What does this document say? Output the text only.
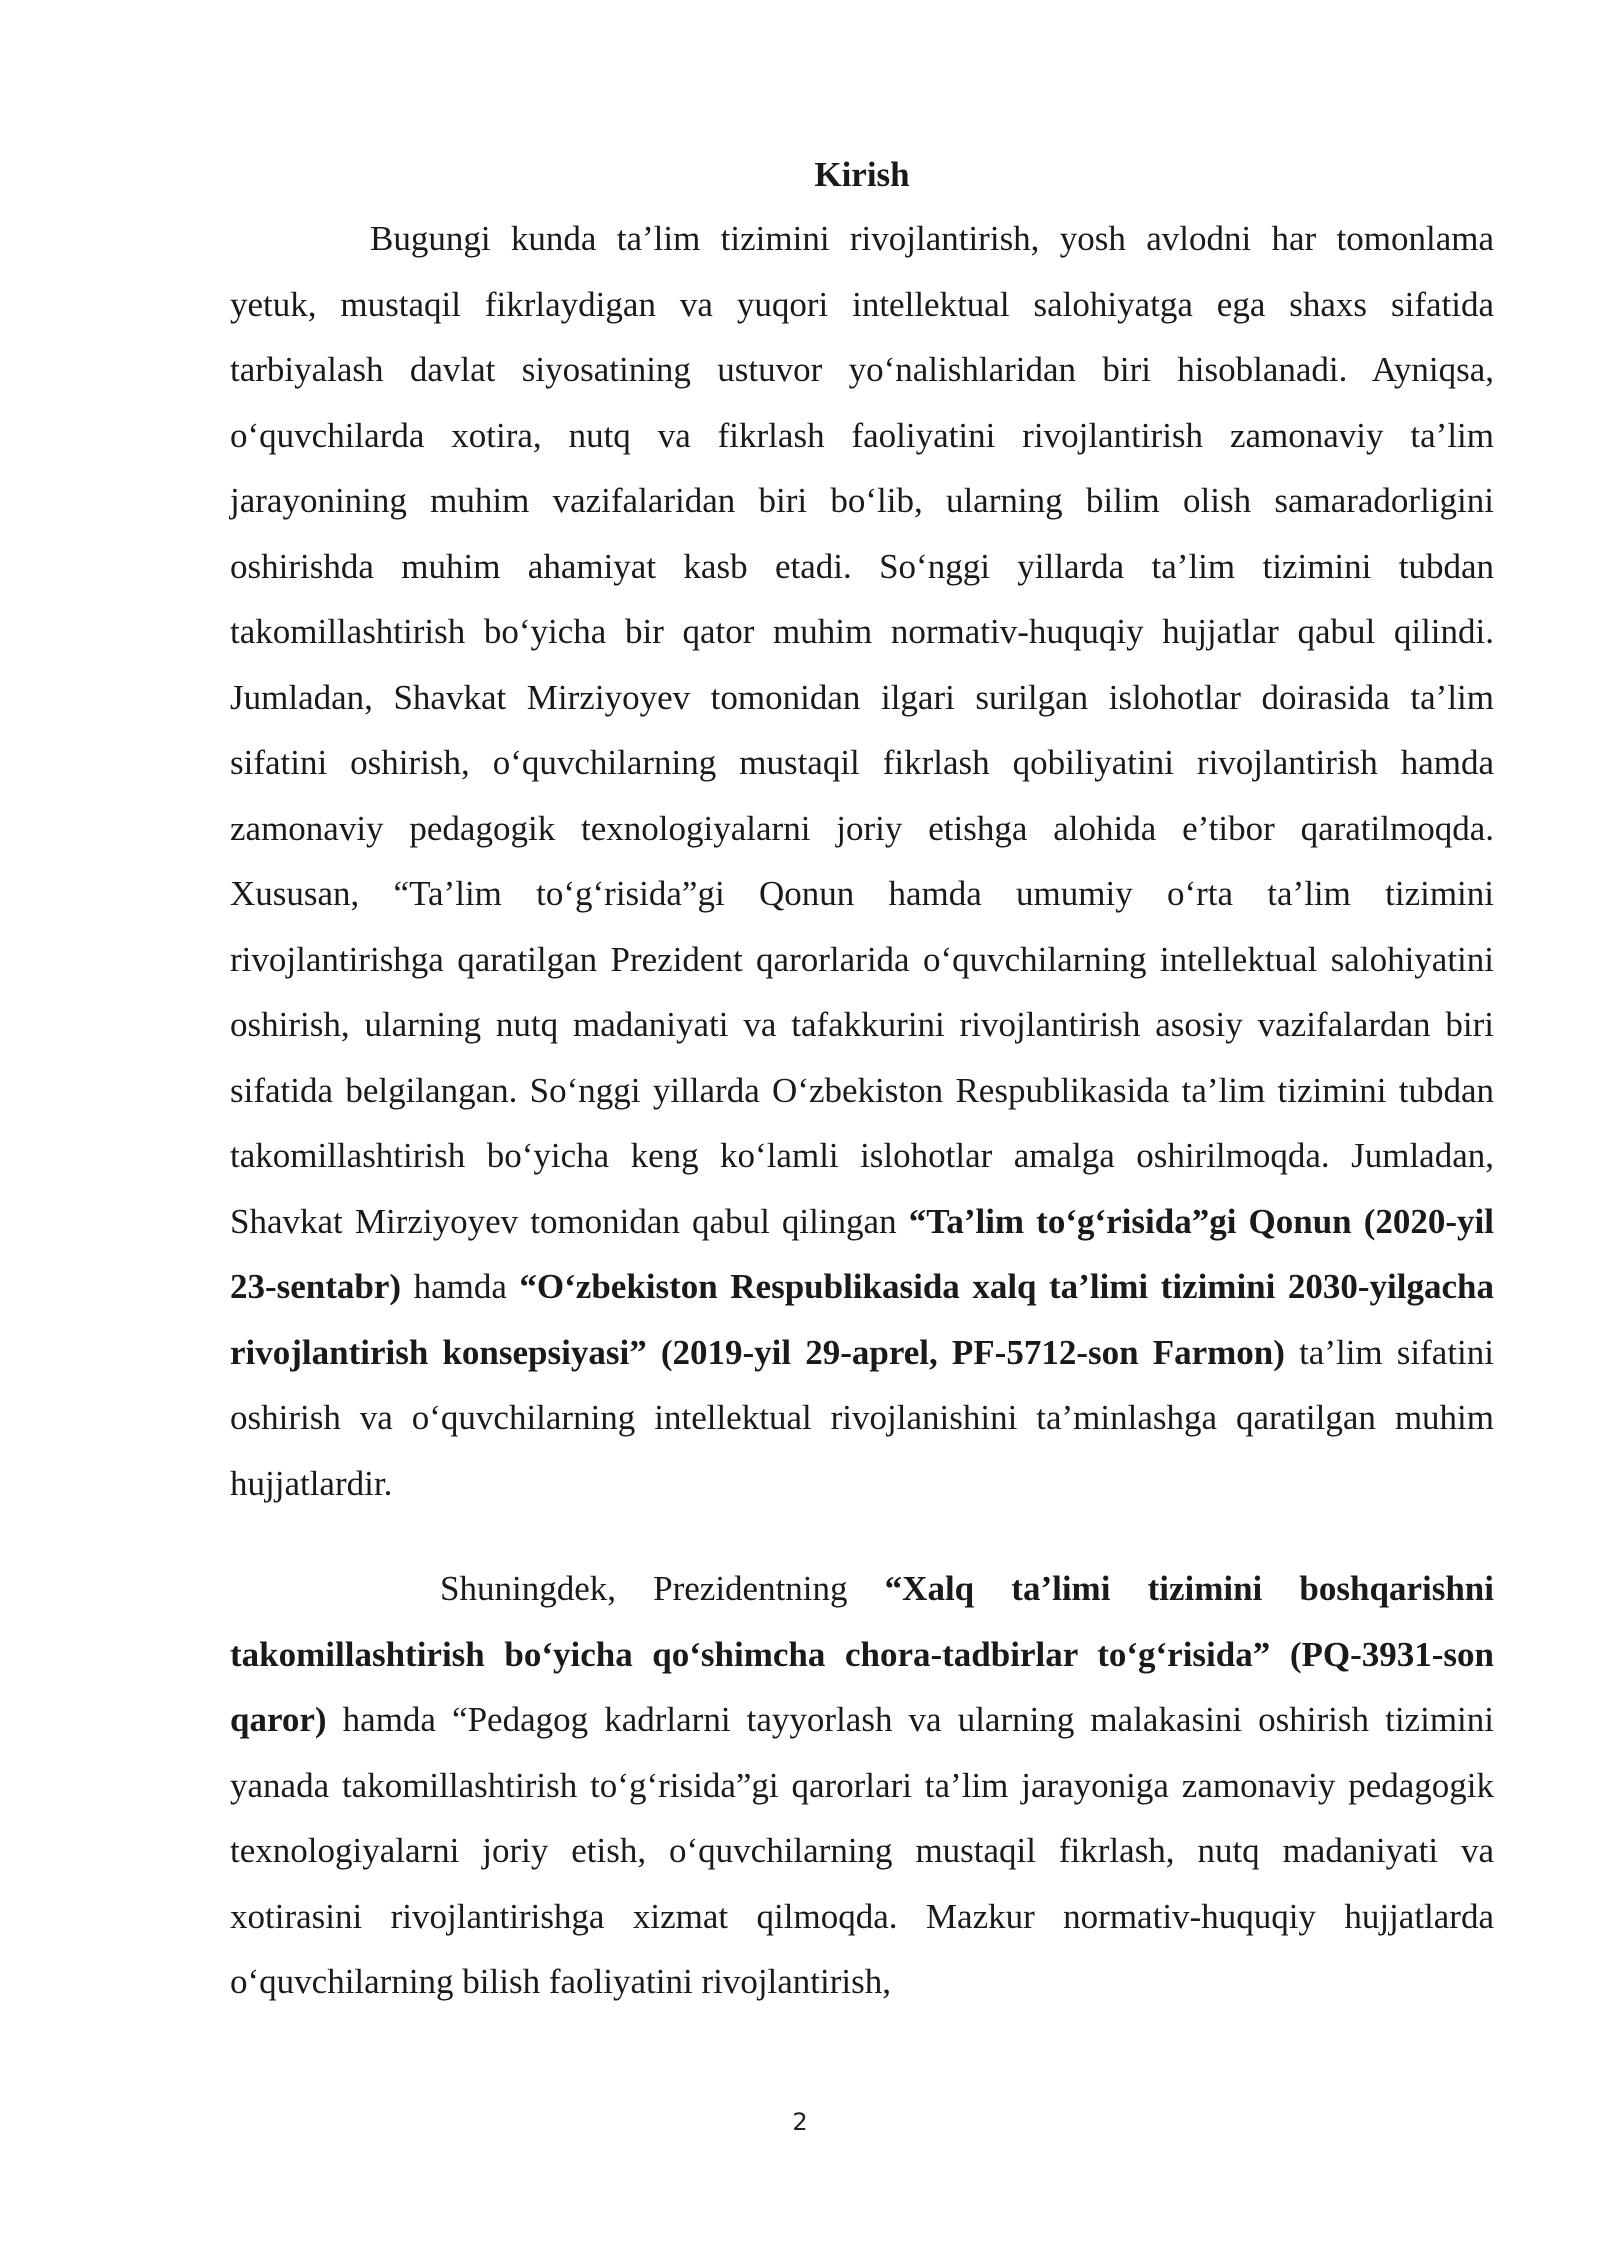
Kirish

Bugungi kunda ta’lim tizimini rivojlantirish, yosh avlodni har tomonlama yetuk, mustaqil fikrlaydigan va yuqori intellektual salohiyatga ega shaxs sifatida tarbiyalash davlat siyosatining ustuvor yo‘nalishlaridan biri hisoblanadi. Ayniqsa, o‘quvchilarda xotira, nutq va fikrlash faoliyatini rivojlantirish zamonaviy ta’lim jarayonining muhim vazifalaridan biri bo‘lib, ularning bilim olish samaradorligini oshirishda muhim ahamiyat kasb etadi. So‘nggi yillarda ta’lim tizimini tubdan takomillashtirish bo‘yicha bir qator muhim normativ-huquqiy hujjatlar qabul qilindi. Jumladan, Shavkat Mirziyoyev tomonidan ilgari surilgan islohotlar doirasida ta’lim sifatini oshirish, o‘quvchilarning mustaqil fikrlash qobiliyatini rivojlantirish hamda zamonaviy pedagogik texnologiyalarni joriy etishga alohida e’tibor qaratilmoqda. Xususan, “Ta’lim to‘g‘risida”gi Qonun hamda umumiy o‘rta ta’lim tizimini rivojlantirishga qaratilgan Prezident qarorlarida o‘quvchilarning intellektual salohiyatini oshirish, ularning nutq madaniyati va tafakkurini rivojlantirish asosiy vazifalardan biri sifatida belgilangan. So‘nggi yillarda O‘zbekiston Respublikasida ta’lim tizimini tubdan takomillashtirish bo‘yicha keng ko‘lamli islohotlar amalga oshirilmoqda. Jumladan, Shavkat Mirziyoyev tomonidan qabul qilingan “Ta’lim to‘g‘risida”gi Qonun (2020-yil 23-sentabr) hamda “O‘zbekiston Respublikasida xalq ta’limi tizimini 2030-yilgacha rivojlantirish konsepsiyasi” (2019-yil 29-aprel, PF-5712-son Farmon) ta’lim sifatini oshirish va o‘quvchilarning intellektual rivojlanishini ta’minlashga qaratilgan muhim hujjatlardir.

Shuningdek, Prezidentning “Xalq ta’limi tizimini boshqarishni takomillashtirish bo‘yicha qo‘shimcha chora-tadbirlar to‘g‘risida” (PQ-3931-son qaror) hamda “Pedagog kadrlarni tayyorlash va ularning malakasini oshirish tizimini yanada takomillashtirish to‘g‘risida”gi qarorlari ta’lim jarayoniga zamonaviy pedagogik texnologiyalarni joriy etish, o‘quvchilarning mustaqil fikrlash, nutq madaniyati va xotirasini rivojlantirishga xizmat qilmoqda. Mazkur normativ-huquqiy hujjatlarda o‘quvchilarning bilish faoliyatini rivojlantirish,

2
